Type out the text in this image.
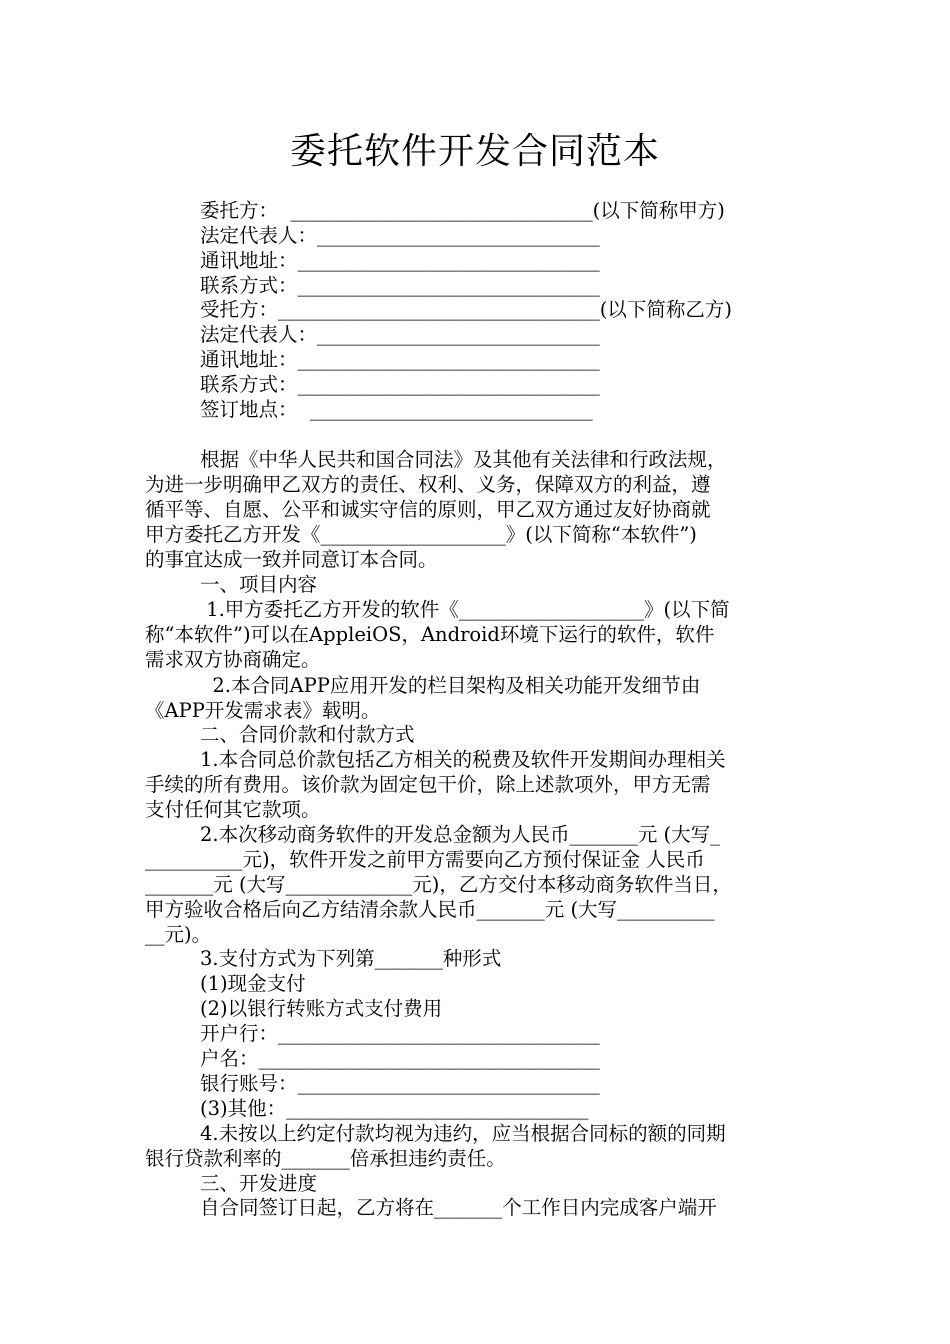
委托软件开发合同范本
委托方：  _______________________________(以下简称甲方)
法定代表人：_____________________________
通讯地址：_______________________________
联系方式：_______________________________
受托方：_________________________________(以下简称乙方)
法定代表人：_____________________________
通讯地址：_______________________________
联系方式：_______________________________
签订地点：  _____________________________
根据《中华人民共和国合同法》及其他有关法律和行政法规，
为进一步明确甲乙双方的责任、权利、义务，保障双方的利益，遵
循平等、自愿、公平和诚实守信的原则，甲乙双方通过友好协商就
甲方委托乙方开发《___________________》(以下简称“本软件”)
的事宜达成一致并同意订本合同。
一、项目内容
1.甲方委托乙方开发的软件《___________________》(以下简
称“本软件”)可以在AppleiOS，Android环境下运行的软件，软件
需求双方协商确定。
2.本合同APP应用开发的栏目架构及相关功能开发细节由
《APP开发需求表》载明。
二、合同价款和付款方式
1.本合同总价款包括乙方相关的税费及软件开发期间办理相关
手续的所有费用。该价款为固定包干价，除上述款项外，甲方无需
支付任何其它款项。
2.本次移动商务软件的开发总金额为人民币_______元 (大写_
__________元)，软件开发之前甲方需要向乙方预付保证金 人民币
_______元 (大写_____________元)，乙方交付本移动商务软件当日，
甲方验收合格后向乙方结清余款人民币_______元 (大写__________
__元)。
3.支付方式为下列第_______种形式
(1)现金支付
(2)以银行转账方式支付费用
开户行：_________________________________
户名：___________________________________
银行账号：_______________________________
(3)其他：_______________________________
4.未按以上约定付款均视为违约，应当根据合同标的额的同期
银行贷款利率的_______倍承担违约责任。
三、开发进度
自合同签订日起，乙方将在_______个工作日内完成客户端开
